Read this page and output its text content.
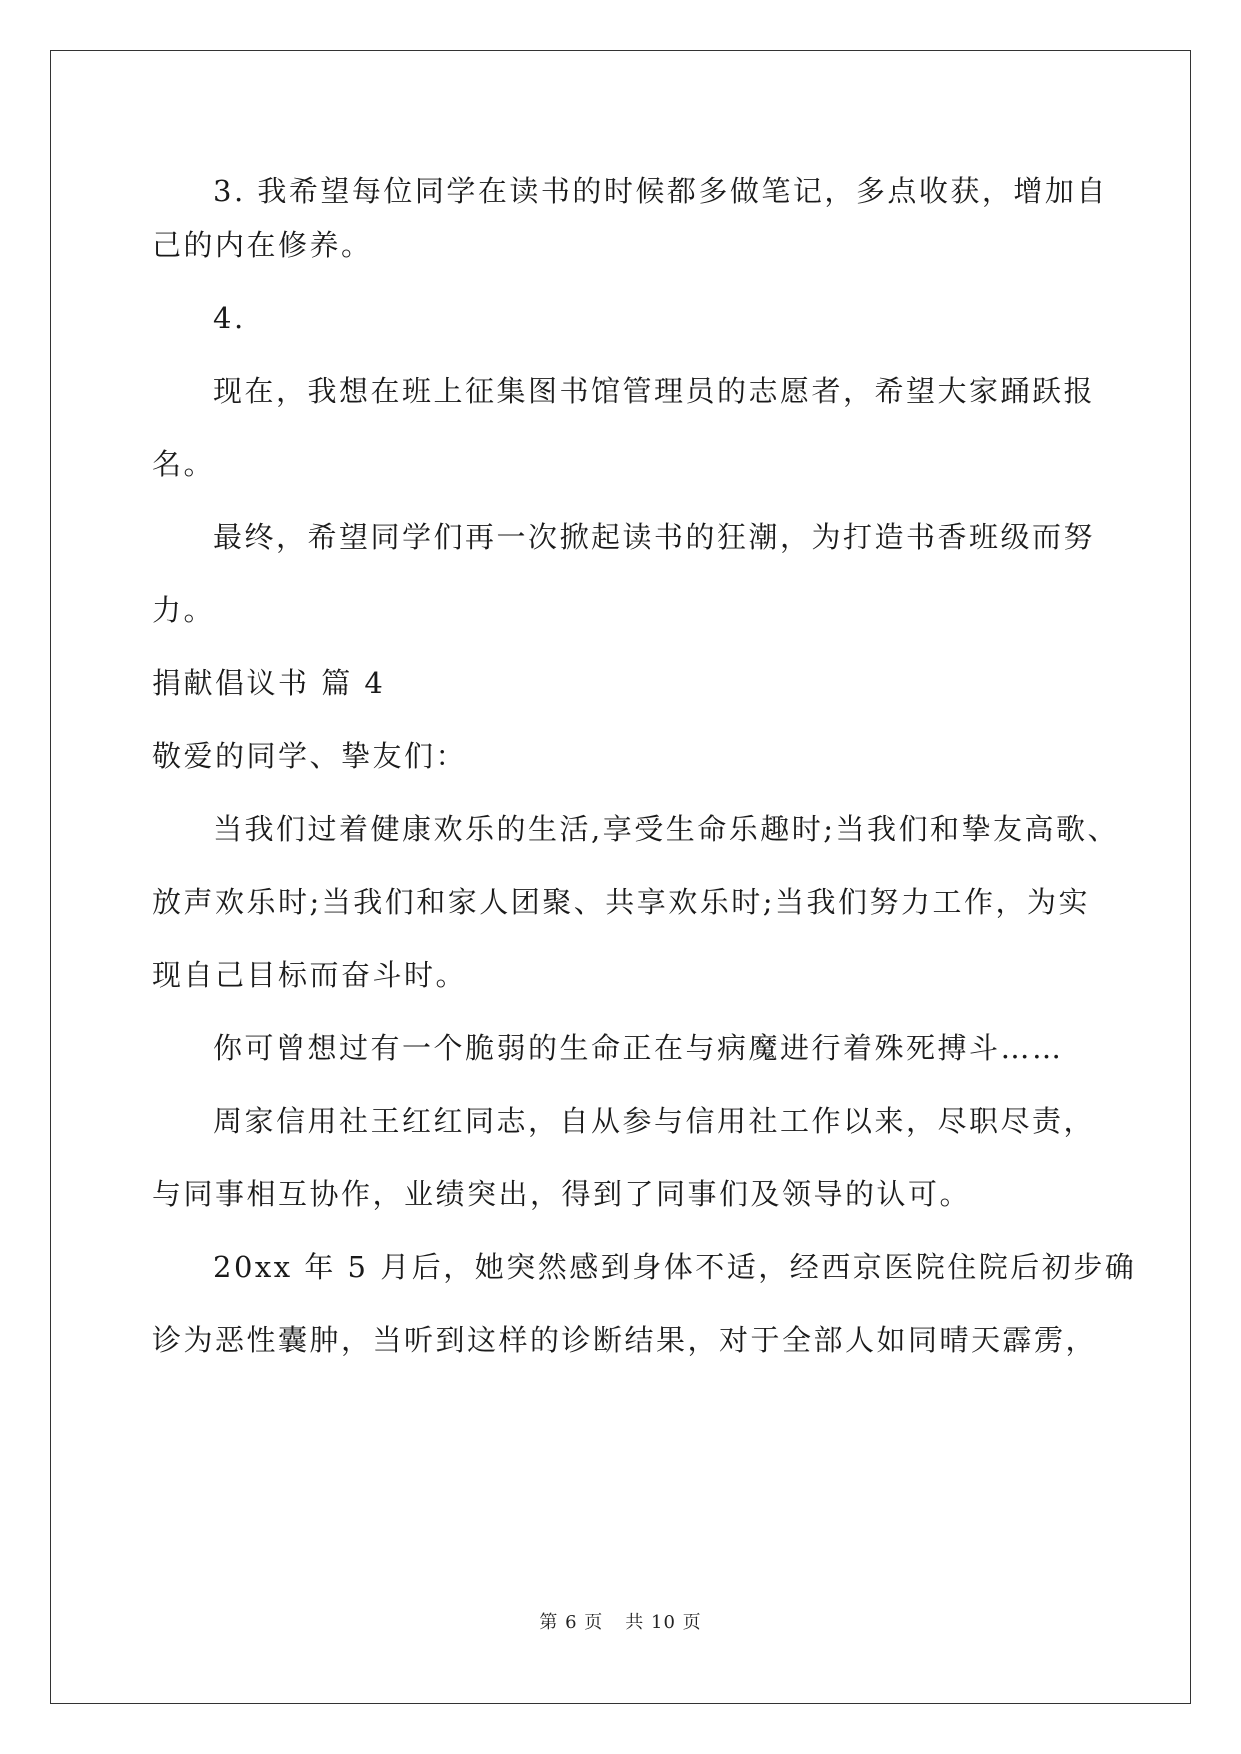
3. 我希望每位同学在读书的时候都多做笔记，多点收获，增加自

己的内在修养。

4.

现在，我想在班上征集图书馆管理员的志愿者，希望大家踊跃报

名。

最终，希望同学们再一次掀起读书的狂潮，为打造书香班级而努

力。

捐献倡议书 篇 4

敬爱的同学、挚友们：

当我们过着健康欢乐的生活,享受生命乐趣时;当我们和挚友高歌、

放声欢乐时;当我们和家人团聚、共享欢乐时;当我们努力工作，为实

现自己目标而奋斗时。

你可曾想过有一个脆弱的生命正在与病魔进行着殊死搏斗……

周家信用社王红红同志，自从参与信用社工作以来，尽职尽责，

与同事相互协作，业绩突出，得到了同事们及领导的认可。

20xx 年 5 月后，她突然感到身体不适，经西京医院住院后初步确

诊为恶性囊肿，当听到这样的诊断结果，对于全部人如同晴天霹雳，

第 6 页 共 10 页
